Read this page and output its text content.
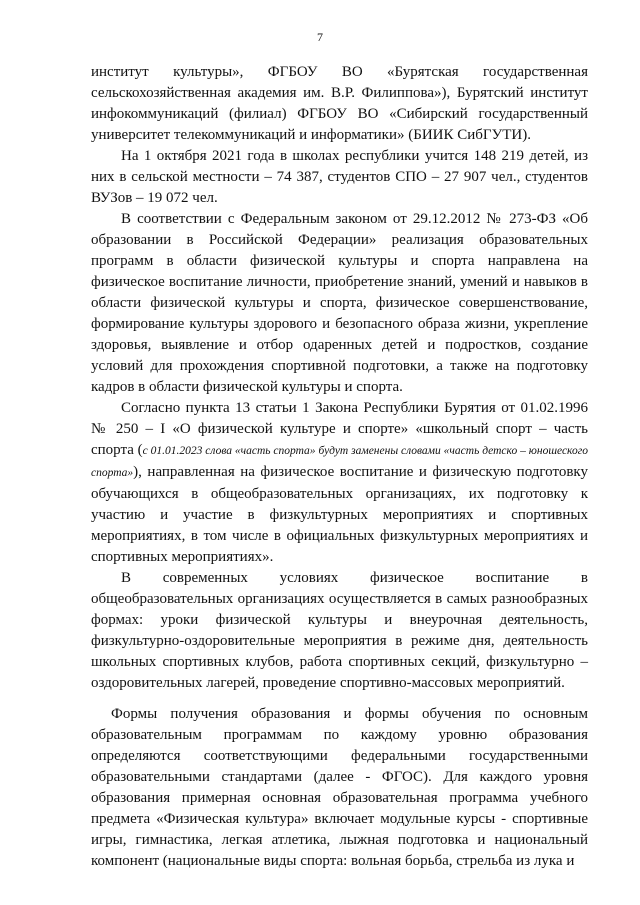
7

институт культуры», ФГБОУ ВО «Бурятская государственная сельскохозяйственная академия им. В.Р. Филиппова»), Бурятский институт инфокоммуникаций (филиал) ФГБОУ ВО «Сибирский государственный университет телекоммуникаций и информатики» (БИИК СибГУТИ).

На 1 октября 2021 года в школах республики учится 148 219 детей, из них в сельской местности – 74 387, студентов СПО – 27 907 чел., студентов ВУЗов – 19 072 чел.

В соответствии с Федеральным законом от 29.12.2012 № 273-ФЗ «Об образовании в Российской Федерации» реализация образовательных программ в области физической культуры и спорта направлена на физическое воспитание личности, приобретение знаний, умений и навыков в области физической культуры и спорта, физическое совершенствование, формирование культуры здорового и безопасного образа жизни, укрепление здоровья, выявление и отбор одаренных детей и подростков, создание условий для прохождения спортивной подготовки, а также на подготовку кадров в области физической культуры и спорта.

Согласно пункта 13 статьи 1 Закона Республики Бурятия от 01.02.1996 № 250 – I «О физической культуре и спорте» «школьный спорт – часть спорта (с 01.01.2023 слова «часть спорта» будут заменены словами «часть детско – юношеского спорта»), направленная на физическое воспитание и физическую подготовку обучающихся в общеобразовательных организациях, их подготовку к участию и участие в физкультурных мероприятиях и спортивных мероприятиях, в том числе в официальных физкультурных мероприятиях и спортивных мероприятиях».

В современных условиях физическое воспитание в общеобразовательных организациях осуществляется в самых разнообразных формах: уроки физической культуры и внеурочная деятельность, физкультурно-оздоровительные мероприятия в режиме дня, деятельность школьных спортивных клубов, работа спортивных секций, физкультурно – оздоровительных лагерей, проведение спортивно-массовых мероприятий.

Формы получения образования и формы обучения по основным образовательным программам по каждому уровню образования определяются соответствующими федеральными государственными образовательными стандартами (далее - ФГОС). Для каждого уровня образования примерная основная образовательная программа учебного предмета «Физическая культура» включает модульные курсы - спортивные игры, гимнастика, легкая атлетика, лыжная подготовка и национальный компонент (национальные виды спорта: вольная борьба, стрельба из лука и
